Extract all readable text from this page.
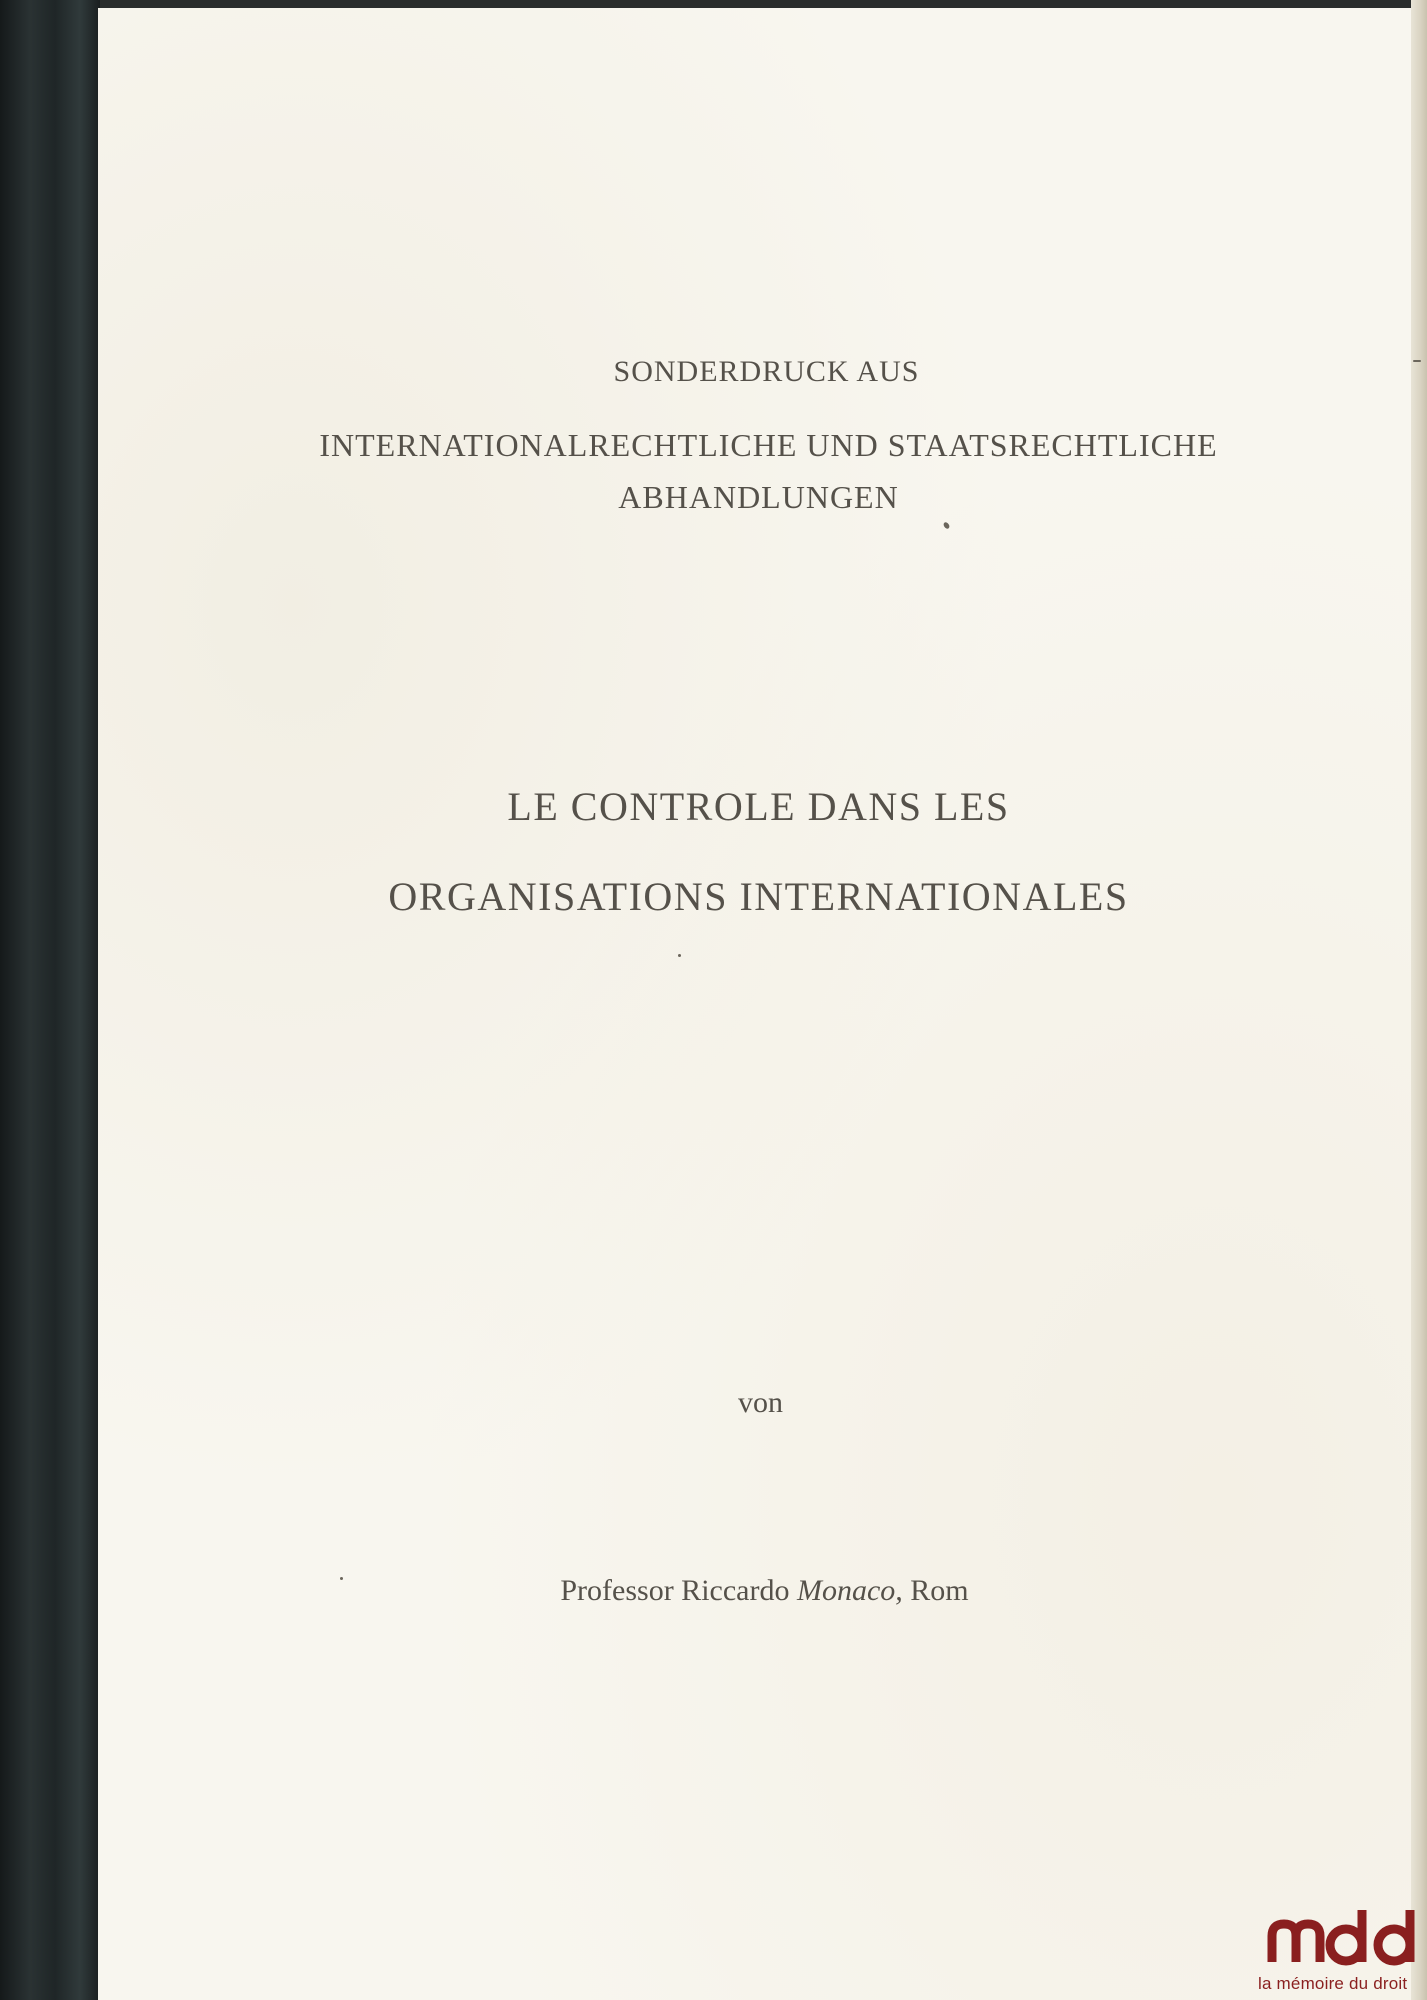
SONDERDRUCK AUS
INTERNATIONALRECHTLICHE UND STAATSRECHTLICHE
ABHANDLUNGEN
LE CONTROLE DANS LES
ORGANISATIONS INTERNATIONALES
von
Professor Riccardo Monaco, Rom
la mémoire du droit
